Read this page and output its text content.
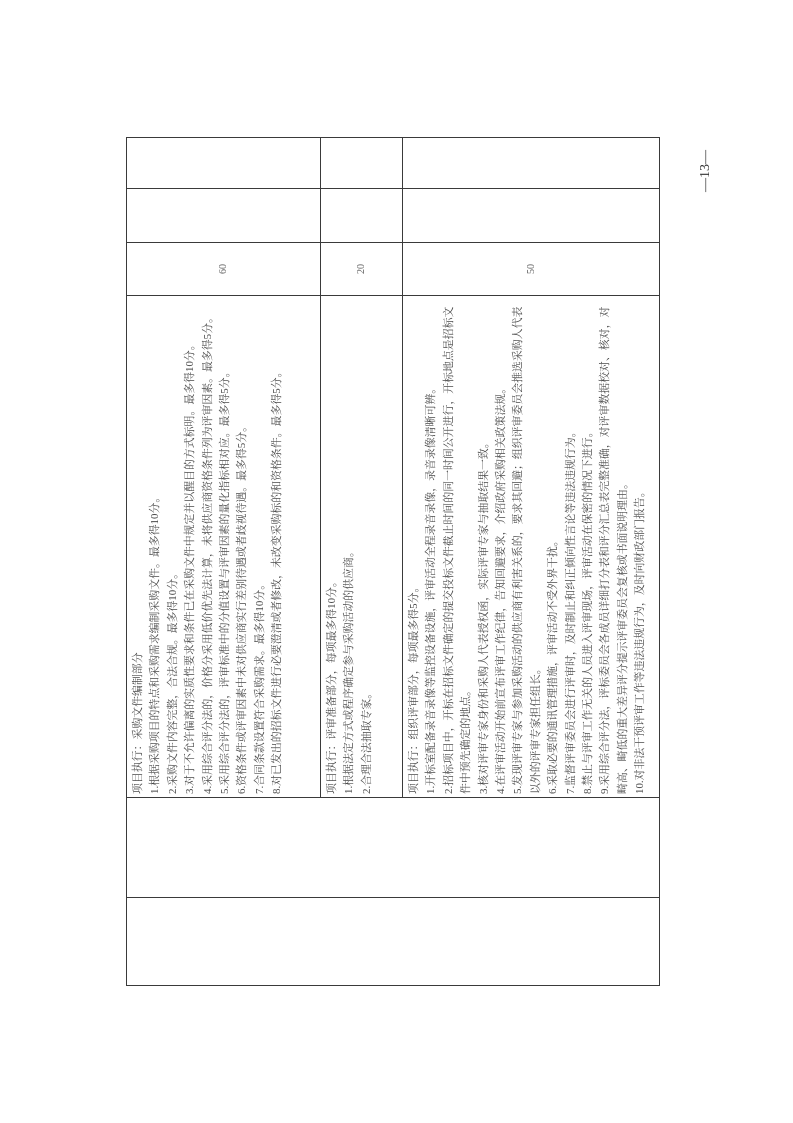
项目执行：采购文件编制部分 1.根据采购项目的特点和采购需求编制采购文件。最多得10分。 2.采购文件内容完整，合法合规。最多得10分。 3.对于不允许偏离的实质性要求和条件已在采购文件中规定并以醒目的方式标明。最多得10分。 4.采用综合评分法的，价格分采用低价优先法计算，未将供应商资格条件列为评审因素。最多得5分。 5.采用综合评分法的，评审标准中的分值设置与评审因素的量化指标相对应。最多得5分。 6.资格条件或评审因素中未对供应商实行差别待遇或者歧视待遇。最多得5分。 7.合同条款设置符合采购需求。最多得10分。 8.对已发出的招标文件进行必要澄清或者修改，未改变采购标的和资格条件。最多得5分。

60

项目执行：评审准备部分，每项最多得10分。 1.根据法定方式或程序确定参与采购活动的供应商。 2.合理合法抽取专家。

20

项目执行：组织评审部分，每项最多得5分。 1.开标室配备录音录像等监控设备设施，评审活动全程录音录像，录音录像清晰可辨。 2.招标项目中，开标在招标文件确定的提交投标文件截止时间的同一时间公开进行，开标地点是招标文件中预先确定的地点。 3.核对评审专家身份和采购人代表授权函，实际评审专家与抽取结果一致。 4.在评审活动开始前宣布评审工作纪律，告知回避要求，介绍政府采购相关政策法规。 5.发现评审专家与参加采购活动的供应商有利害关系的，要求其回避；组织评审委员会推选采购人代表以外的评审专家担任组长。 6.采取必要的通讯管理措施，评审活动不受外界干扰。 7.监督评审委员会进行评审时，及时制止和纠正倾向性言论等违法违规行为。 8.禁止与评审工作无关的人员进入评审现场，评审活动在保密的情况下进行。 9.采用综合评分法，评标委员会各成员详细打分表和评分汇总表完整准确，对评审数据校对、核对，对畸高、畸低的重大差异评分提示评审委员会复核或书面说明理由。 10.对非法干预评审工作等违法违规行为，及时向财政部门报告。

50
—13—
